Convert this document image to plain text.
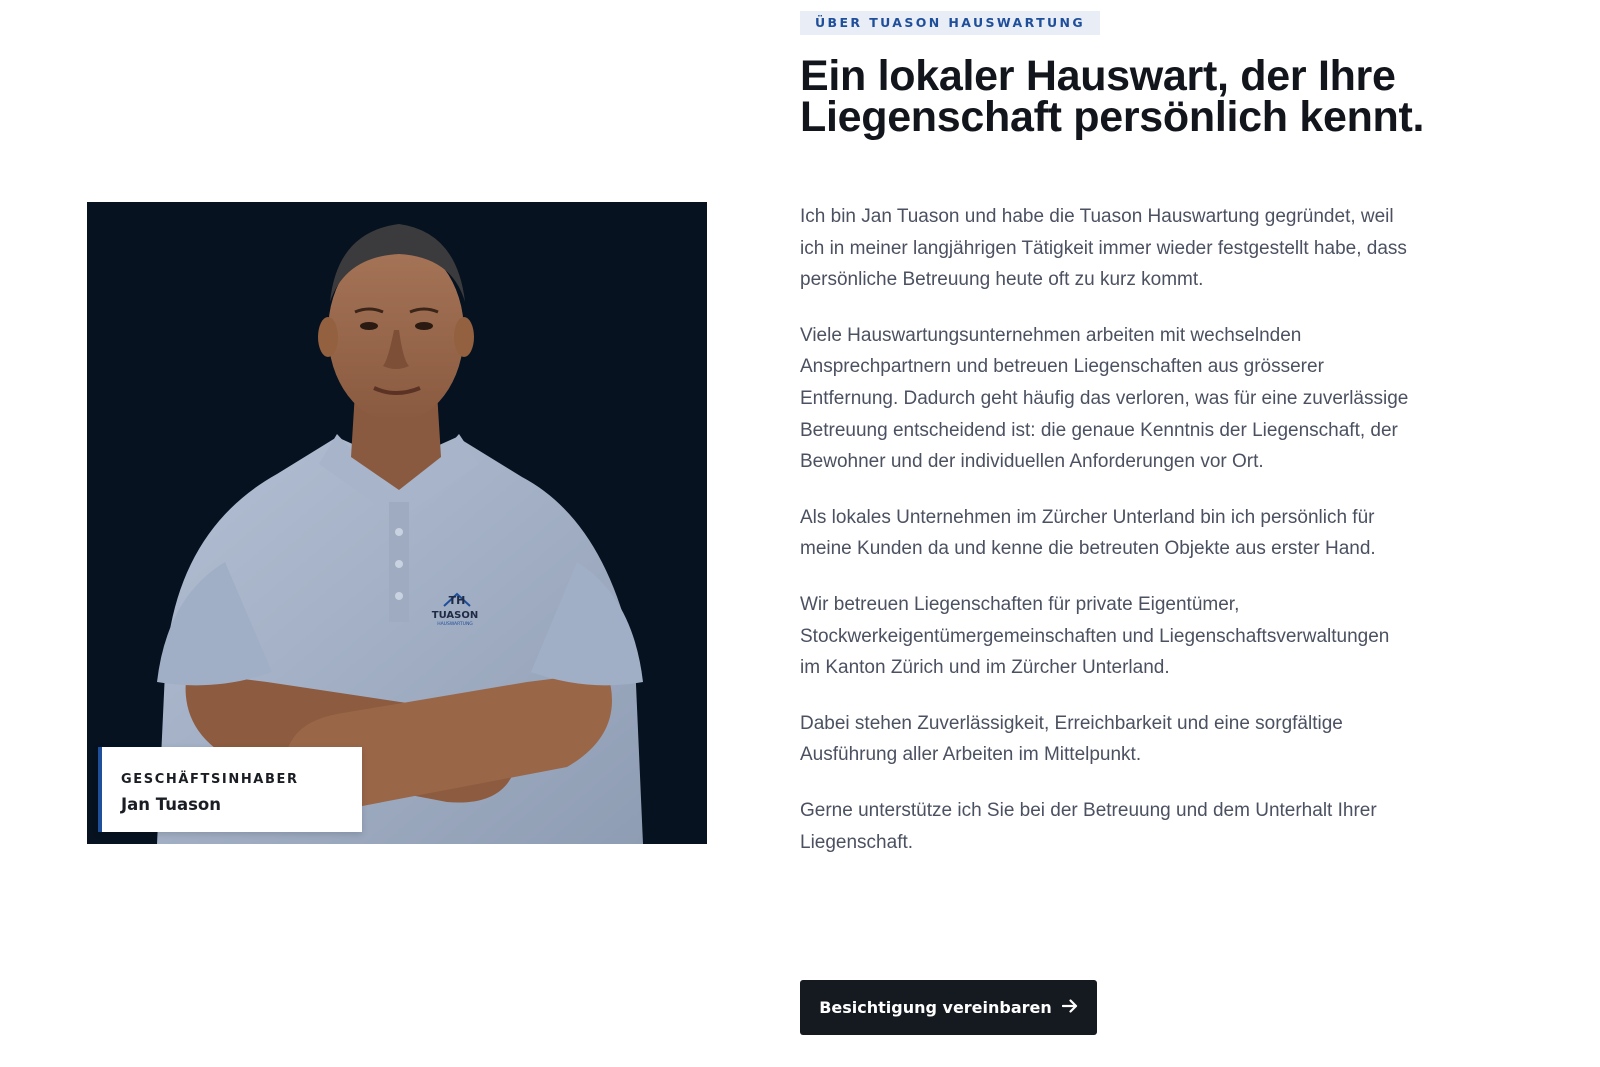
TH
TUASON
HAUSWARTUNG
GESCHÄFTSINHABER
Jan Tuason
ÜBER TUASON HAUSWARTUNG
Ein lokaler Hauswart, der Ihre Liegenschaft persönlich kennt.

Ich bin Jan Tuason und habe die Tuason Hauswartung gegründet, weil ich in meiner langjährigen Tätigkeit immer wieder festgestellt habe, dass persönliche Betreuung heute oft zu kurz kommt.

Viele Hauswartungsunternehmen arbeiten mit wechselnden Ansprechpartnern und betreuen Liegenschaften aus grösserer Entfernung. Dadurch geht häufig das verloren, was für eine zuverlässige Betreuung entscheidend ist: die genaue Kenntnis der Liegenschaft, der Bewohner und der individuellen Anforderungen vor Ort.

Als lokales Unternehmen im Zürcher Unterland bin ich persönlich für meine Kunden da und kenne die betreuten Objekte aus erster Hand.

Wir betreuen Liegenschaften für private Eigentümer, Stockwerkeigentümergemeinschaften und Liegenschaftsverwaltungen im Kanton Zürich und im Zürcher Unterland.

Dabei stehen Zuverlässigkeit, Erreichbarkeit und eine sorgfältige Ausführung aller Arbeiten im Mittelpunkt.

Gerne unterstütze ich Sie bei der Betreuung und dem Unterhalt Ihrer Liegenschaft.

Besichtigung vereinbaren
